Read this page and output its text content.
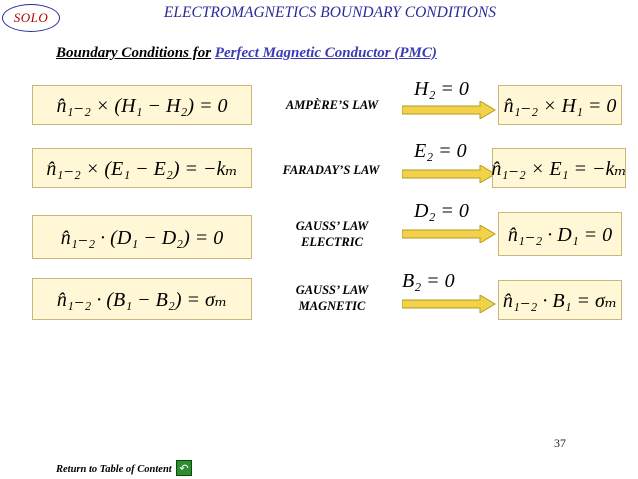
SOLO	ELECTROMAGNETICS BOUNDARY CONDITIONS
Boundary Conditions for Perfect Magnetic Conductor (PMC)
n̂₁₋₂ × (H₁ − H₂) = 0	AMPÈRE’S LAW
H₂ = 0
n̂₁₋₂ × H₁ = 0
n̂₁₋₂ × (E₁ − E₂) = −kₘ	FARADAY’S LAW
E₂ = 0
n̂₁₋₂ × E₁ = −kₘ
n̂₁₋₂ · (D₁ − D₂) = 0
GAUSS’ LAW
ELECTRIC
D₂ = 0
n̂₁₋₂ · D₁ = 0
n̂₁₋₂ · (B₁ − B₂) = σₘ	GAUSS’ LAW
MAGNETIC
B₂ = 0
n̂₁₋₂ · B₁ = σₘ
37
Return to Table of Content ↶
